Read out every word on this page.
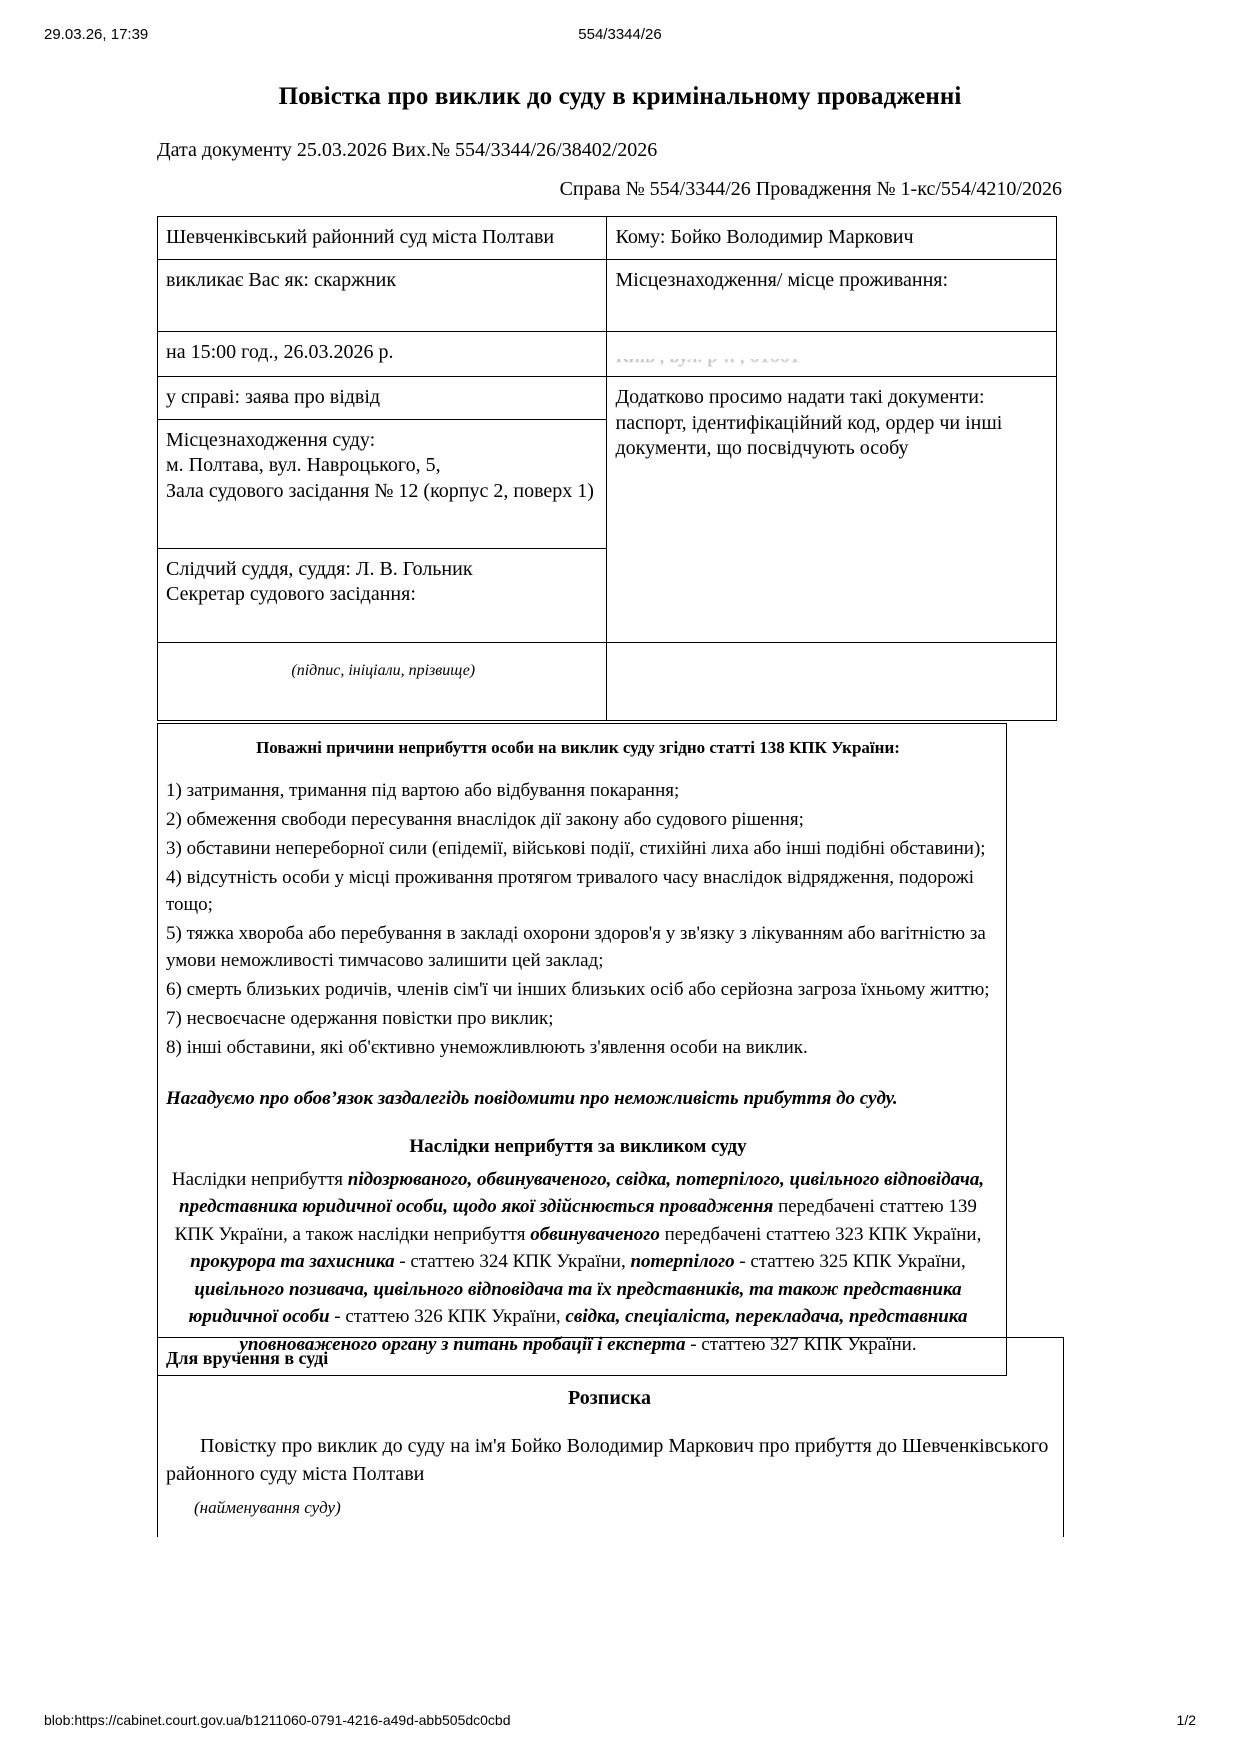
29.03.26, 17:39	554/3344/26
Повістка про виклик до суду в кримінальному провадженні
Дата документу 25.03.2026 Вих.№ 554/3344/26/38402/2026
Справа № 554/3344/26 Провадження № 1-кс/554/4210/2026
Шевченківський районний суд міста Полтави	Кому: Бойко Володимир Маркович

викликає Вас як: скаржник	Місцезнаходження/ місце проживання:

на 15:00 год., 26.03.2026 р.

у справі: заява про відвід	Додатково просимо надати такі документи:
паспорт, ідентифікаційний код, ордер чи інші
документи, що посвідчують особу

Місцезнаходження суду:
м. Полтава, вул. Навроцького, 5,
Зала судового засідання № 12 (корпус 2, поверх 1)	

Слідчий суддя, суддя: Л. В. Гольник
Секретар судового засідання:	

(підпис, ініціали, прізвище)	
Поважні причини неприбуття особи на виклик суду згідно статті 138 КПК України:
1) затримання, тримання під вартою або відбування покарання;
2) обмеження свободи пересування внаслідок дії закону або судового рішення;
3) обставини непереборної сили (епідемії, військові події, стихійні лиха або інші подібні обставини);
4) відсутність особи у місці проживання протягом тривалого часу внаслідок відрядження, подорожі тощо;
5) тяжка хвороба або перебування в закладі охорони здоров'я у зв'язку з лікуванням або вагітністю за умови неможливості тимчасово залишити цей заклад;
6) смерть близьких родичів, членів сім'ї чи інших близьких осіб або серйозна загроза їхньому життю;
7) несвоєчасне одержання повістки про виклик;
8) інші обставини, які об'єктивно унеможливлюють з'явлення особи на виклик.
Нагадуємо про обов’язок заздалегідь повідомити про неможливість прибуття до суду.
Наслідки неприбуття за викликом суду
Наслідки неприбуття підозрюваного, обвинуваченого, свідка, потерпілого, цивільного відповідача, представника юридичної особи, щодо якої здійснюється провадження передбачені статтею 139 КПК України, а також наслідки неприбуття обвинуваченого передбачені статтею 323 КПК України, прокурора та захисника - статтею 324 КПК України, потерпілого - статтею 325 КПК України, цивільного позивача, цивільного відповідача та їх представників, та також представника юридичної особи - статтею 326 КПК України, свідка, спеціаліста, перекладача, представника уповноваженого органу з питань пробації і експерта - статтею 327 КПК України.
Для вручення в суді
Розписка
Повістку про виклик до суду на ім'я Бойко Володимир Маркович про прибуття до Шевченківського районного суду міста Полтави
(найменування суду)
blob:https://cabinet.court.gov.ua/b1211060-0791-4216-a49d-abb505dc0cbd	1/2
